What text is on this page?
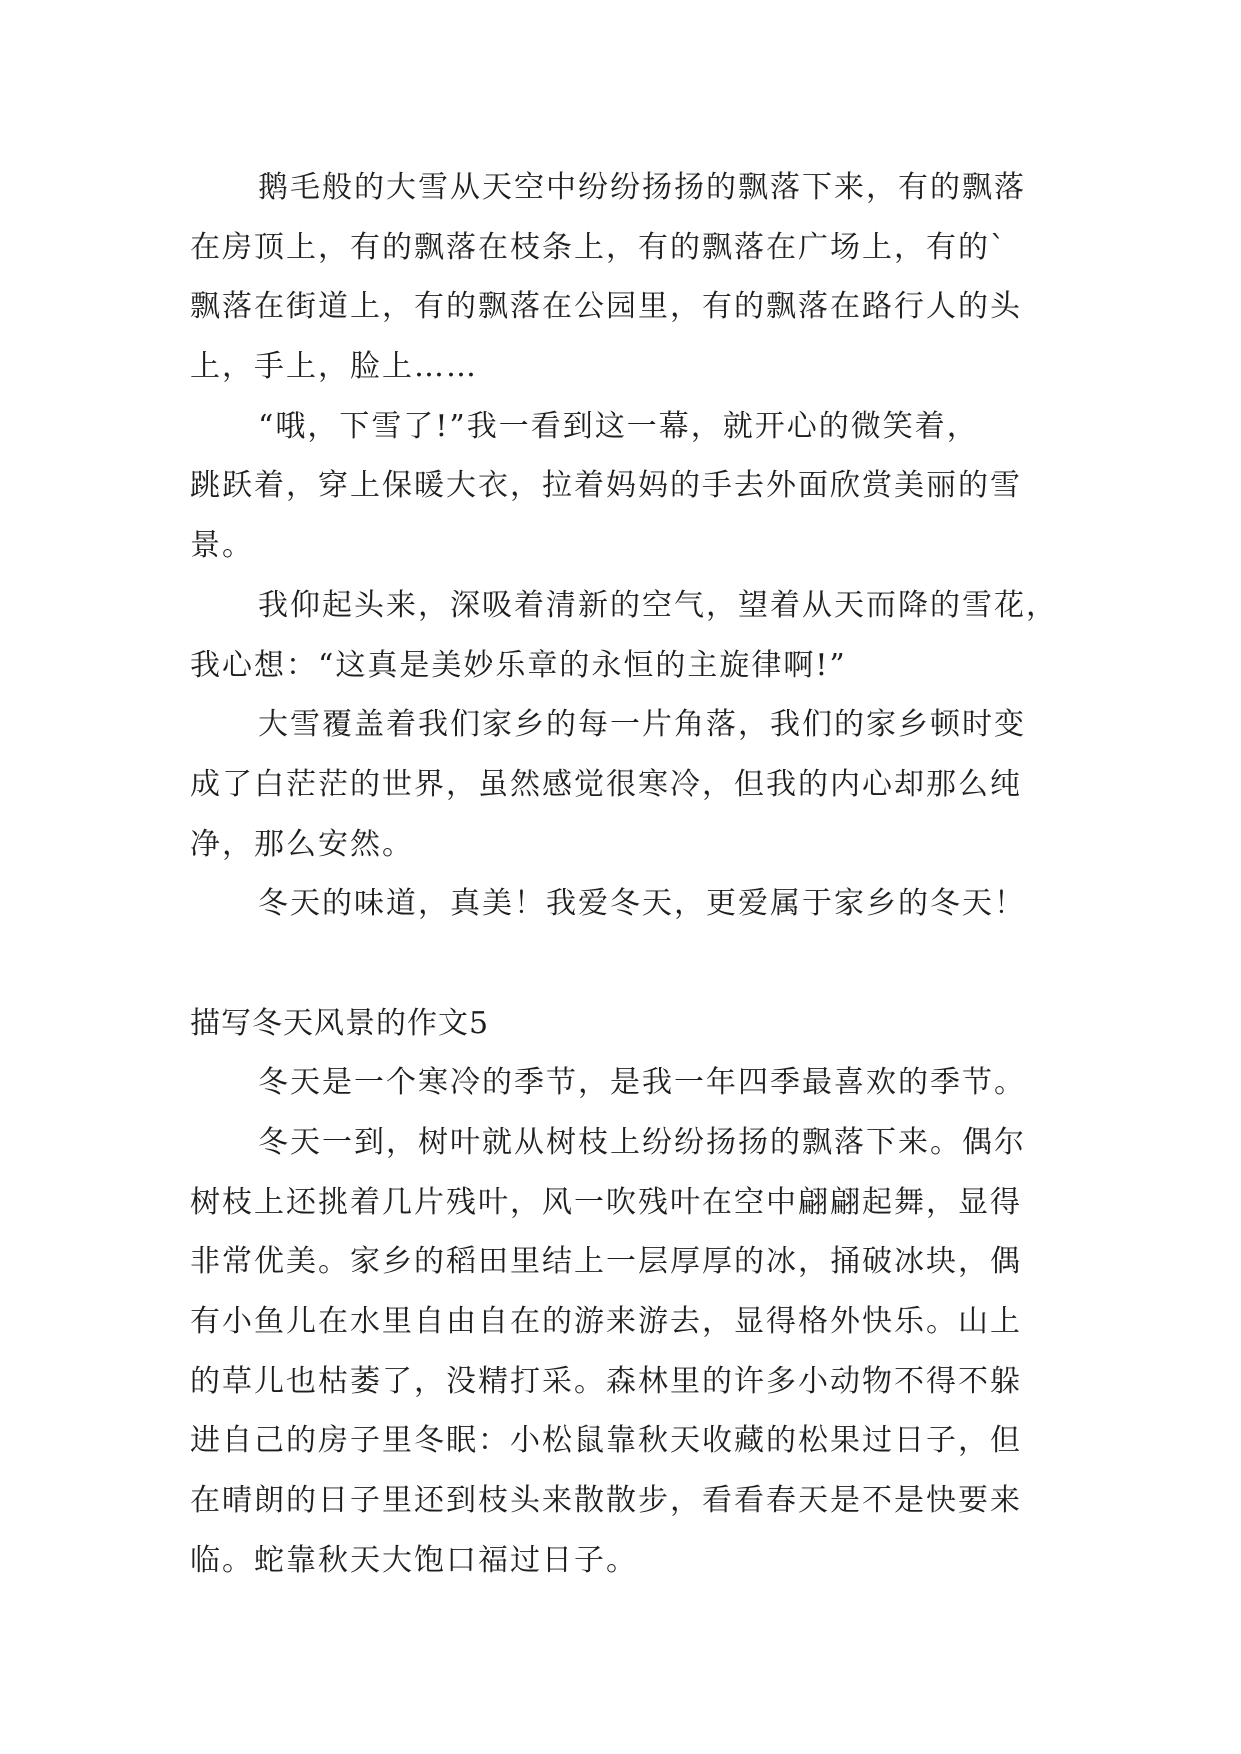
鹅毛般的大雪从天空中纷纷扬扬的飘落下来，有的飘落
在房顶上，有的飘落在枝条上，有的飘落在广场上，有的`
飘落在街道上，有的飘落在公园里，有的飘落在路行人的头
上，手上，脸上……
“哦，下雪了!”我一看到这一幕，就开心的微笑着，
跳跃着，穿上保暖大衣，拉着妈妈的手去外面欣赏美丽的雪
景。
我仰起头来，深吸着清新的空气，望着从天而降的雪花，
我心想：“这真是美妙乐章的永恒的主旋律啊!”
大雪覆盖着我们家乡的每一片角落，我们的家乡顿时变
成了白茫茫的世界，虽然感觉很寒冷，但我的内心却那么纯
净，那么安然。
冬天的味道，真美！我爱冬天，更爱属于家乡的冬天！
描写冬天风景的作文5
冬天是一个寒冷的季节，是我一年四季最喜欢的季节。
冬天一到，树叶就从树枝上纷纷扬扬的飘落下来。偶尔
树枝上还挑着几片残叶，风一吹残叶在空中翩翩起舞，显得
非常优美。家乡的稻田里结上一层厚厚的冰，捅破冰块，偶
有小鱼儿在水里自由自在的游来游去，显得格外快乐。山上
的草儿也枯萎了，没精打采。森林里的许多小动物不得不躲
进自己的房子里冬眠：小松鼠靠秋天收藏的松果过日子，但
在晴朗的日子里还到枝头来散散步，看看春天是不是快要来
临。蛇靠秋天大饱口福过日子。
